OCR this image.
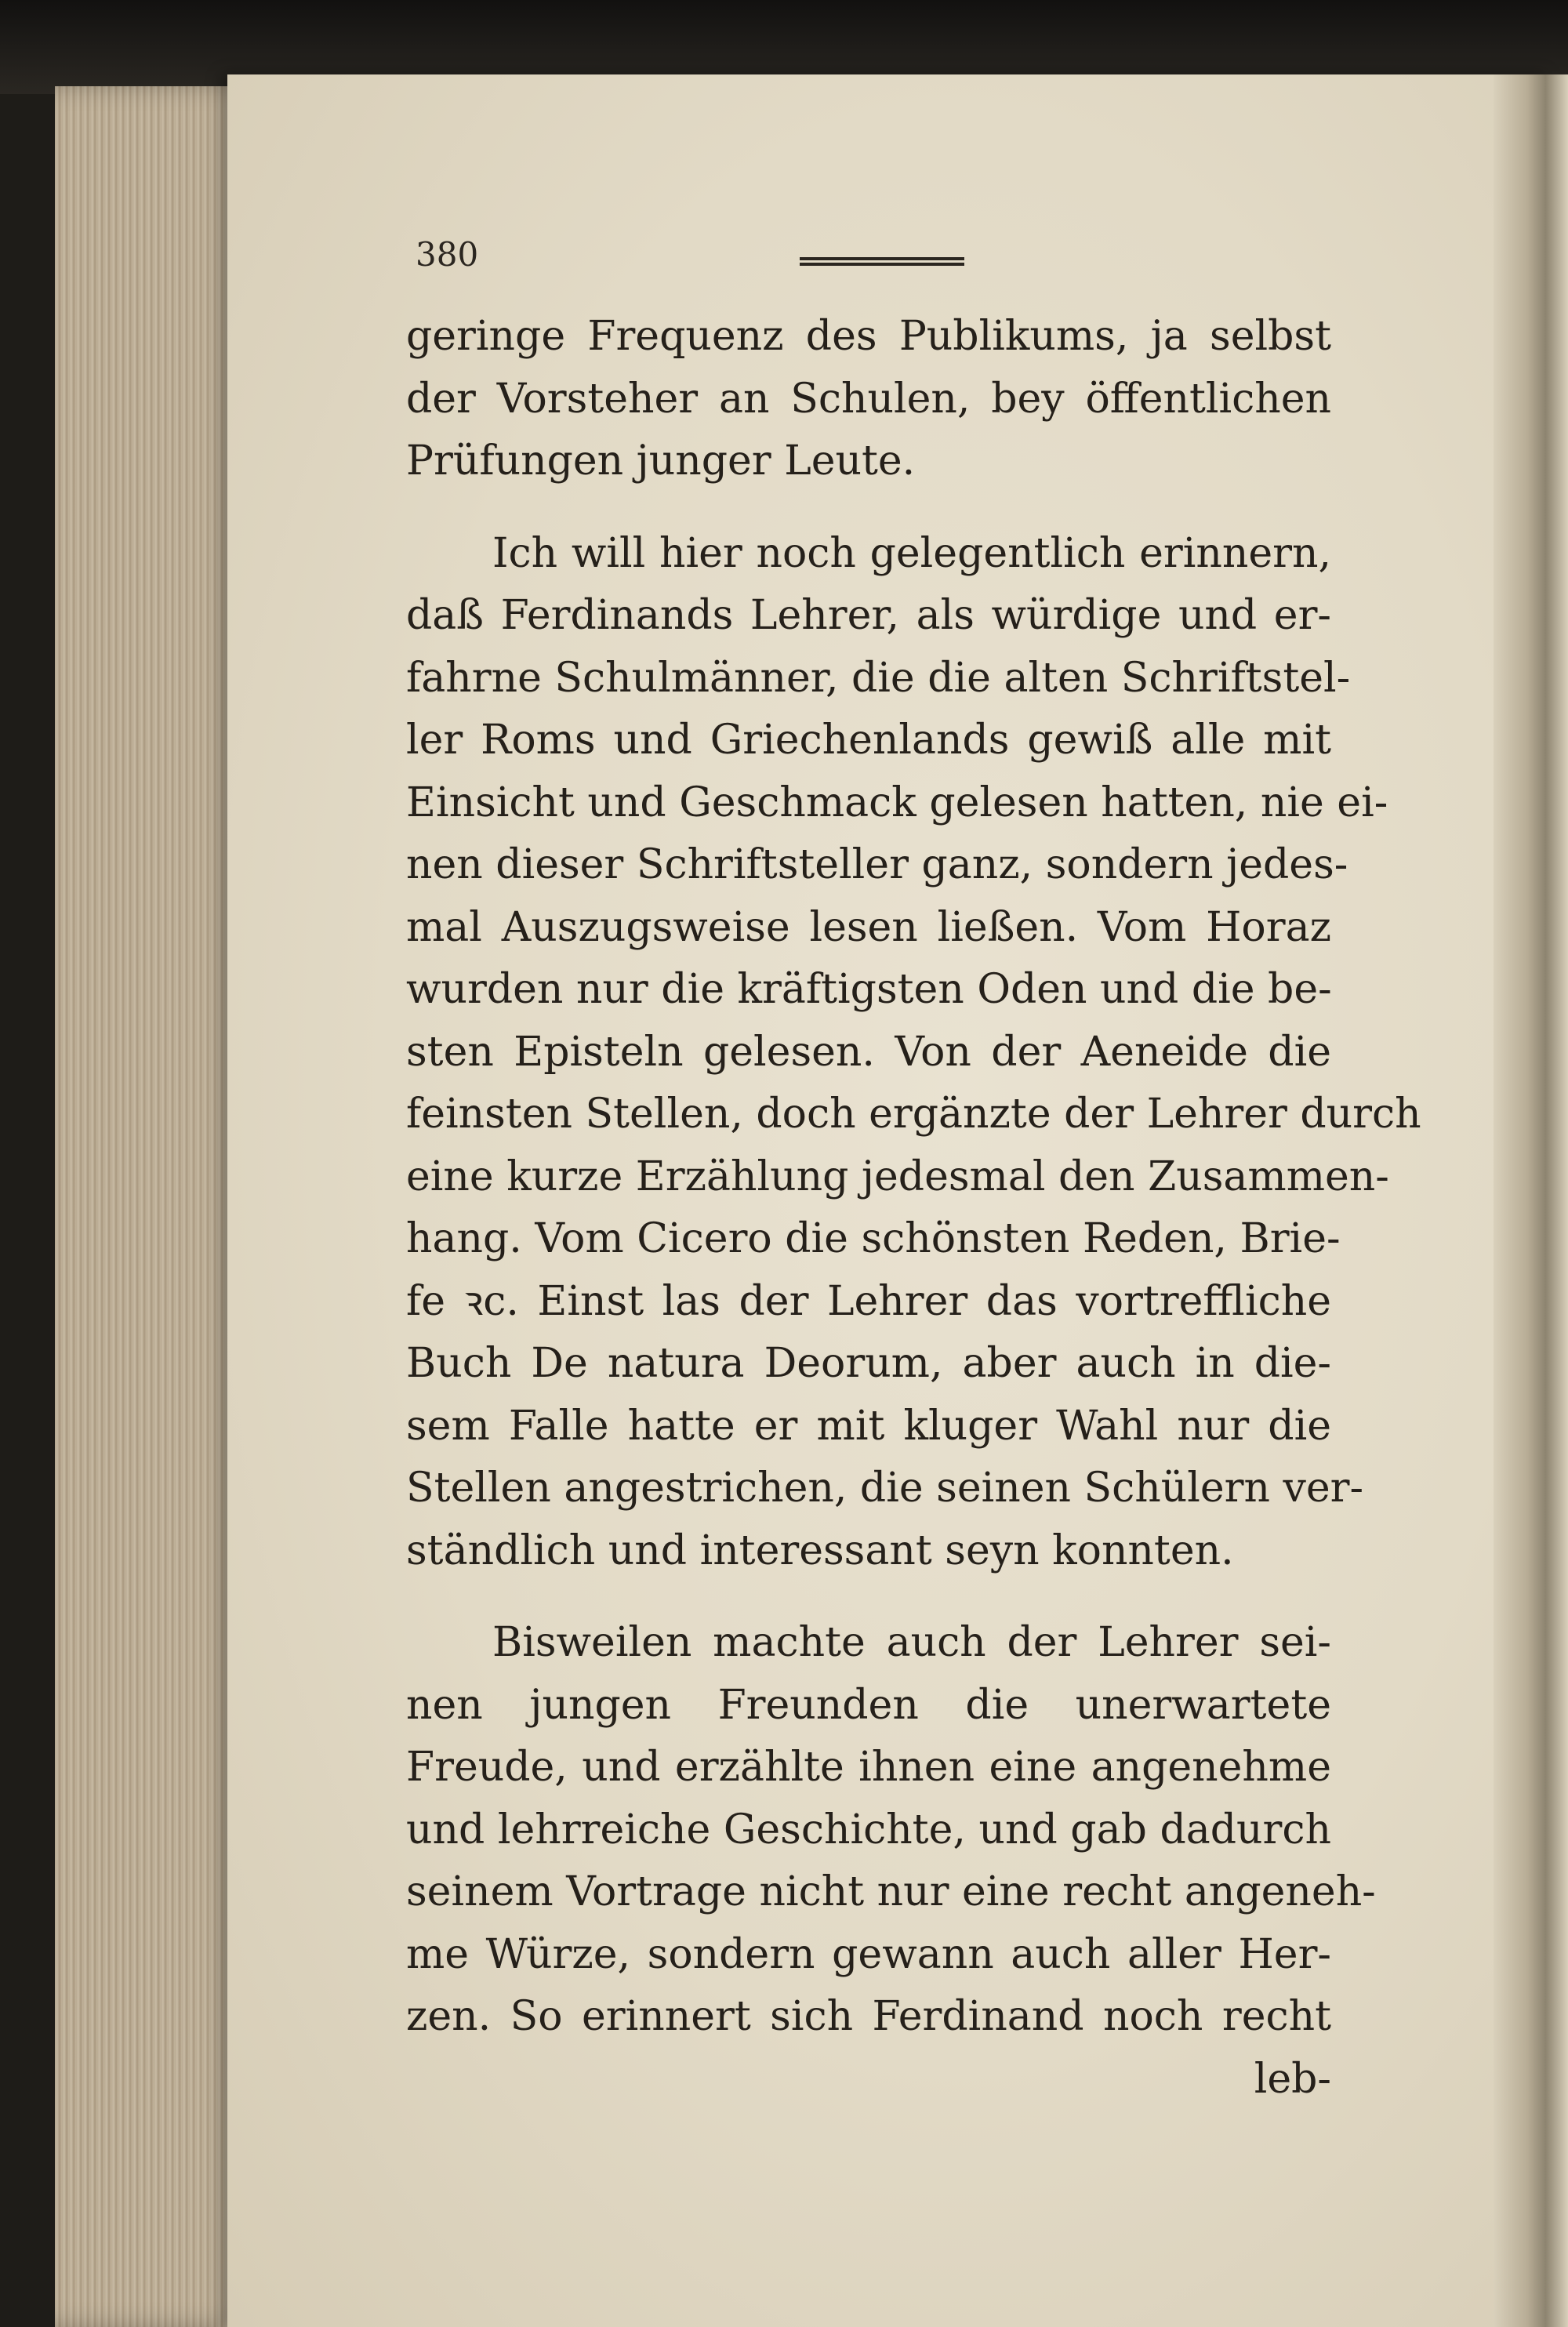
380
geringe Frequenz des Publikums, ja selbst
der Vorsteher an Schulen, bey öffentlichen
Prüfungen junger Leute.
Ich will hier noch gelegentlich erinnern,
daß Ferdinands Lehrer, als würdige und er-
fahrne Schulmänner, die die alten Schriftstel-
ler Roms und Griechenlands gewiß alle mit
Einsicht und Geschmack gelesen hatten, nie ei-
nen dieser Schriftsteller ganz, sondern jedes-
mal Auszugsweise lesen ließen. Vom Horaz
wurden nur die kräftigsten Oden und die be-
sten Episteln gelesen. Von der Aeneide die
feinsten Stellen, doch ergänzte der Lehrer durch
eine kurze Erzählung jedesmal den Zusammen-
hang. Vom Cicero die schönsten Reden, Brie-
fe ꝛc. Einst las der Lehrer das vortreffliche
Buch De natura Deorum, aber auch in die-
sem Falle hatte er mit kluger Wahl nur die
Stellen angestrichen, die seinen Schülern ver-
ständlich und interessant seyn konnten.
Bisweilen machte auch der Lehrer sei-
nen jungen Freunden die unerwartete
Freude, und erzählte ihnen eine angenehme
und lehrreiche Geschichte, und gab dadurch
seinem Vortrage nicht nur eine recht angeneh-
me Würze, sondern gewann auch aller Her-
zen. So erinnert sich Ferdinand noch recht
leb-
